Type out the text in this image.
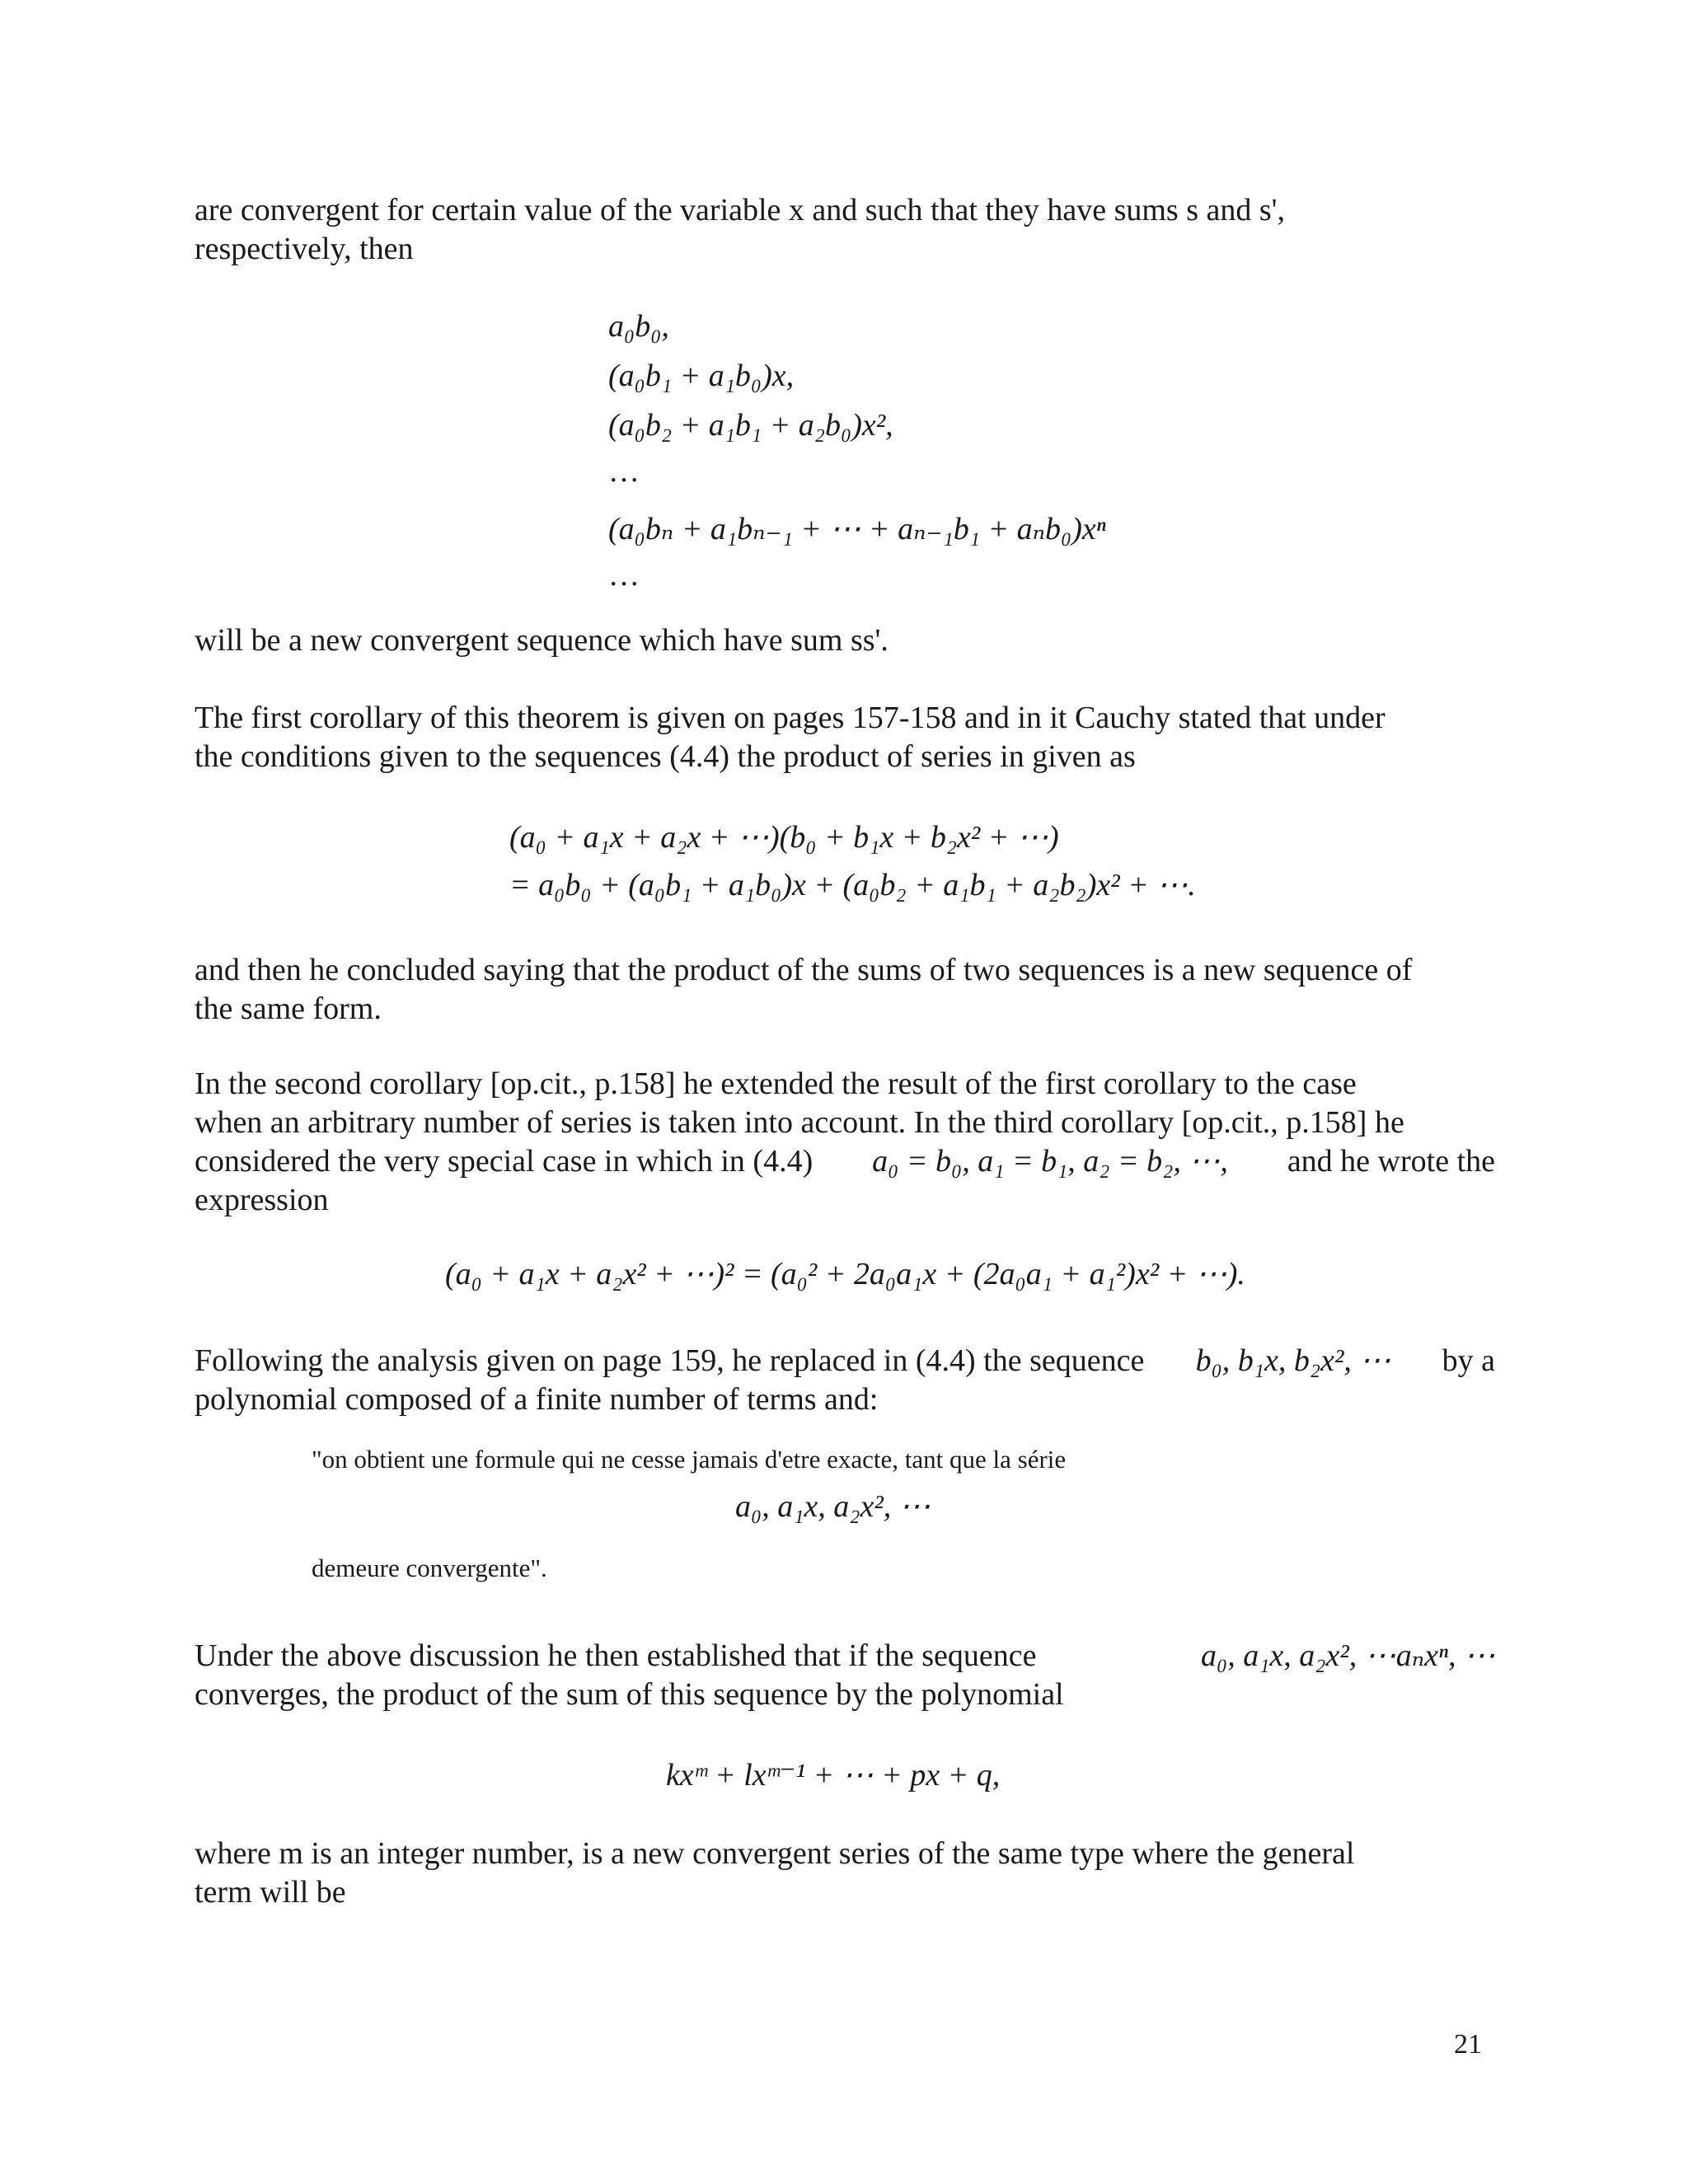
are convergent for certain value of the variable x and such that they have sums s and s',
respectively, then

a₀b₀,
(a₀b₁ + a₁b₀)x,
(a₀b₂ + a₁b₁ + a₂b₀)x²,
…
(a₀bₙ + a₁bₙ₋₁ + ⋯ + aₙ₋₁b₁ + aₙb₀)xⁿ
…

will be a new convergent sequence which have sum ss'.

The first corollary of this theorem is given on pages 157-158 and in it Cauchy stated that under
the conditions given to the sequences (4.4) the product of series in given as

(a₀ + a₁x + a₂x + ⋯)(b₀ + b₁x + b₂x² + ⋯)
= a₀b₀ + (a₀b₁ + a₁b₀)x + (a₀b₂ + a₁b₁ + a₂b₂)x² + ⋯.

and then he concluded saying that the product of the sums of two sequences is a new sequence of
the same form.

In the second corollary [op.cit., p.158] he extended the result of the first corollary to the case
when an arbitrary number of series is taken into account. In the third corollary [op.cit., p.158] he
considered the very special case in which in (4.4) a₀ = b₀, a₁ = b₁, a₂ = b₂, ⋯, and he wrote the
expression

(a₀ + a₁x + a₂x² + ⋯)² = (a₀² + 2a₀a₁x + (2a₀a₁ + a₁²)x² + ⋯).

Following the analysis given on page 159, he replaced in (4.4) the sequence b₀, b₁x, b₂x², ⋯ by a
polynomial composed of a finite number of terms and:

"on obtient une formule qui ne cesse jamais d'etre exacte, tant que la série

a₀, a₁x, a₂x², ⋯

demeure convergente".

Under the above discussion he then established that if the sequence	a₀, a₁x, a₂x², ⋯aₙxⁿ, ⋯
converges, the product of the sum of this sequence by the polynomial

kxᵐ + lxᵐ⁻¹ + ⋯ + px + q,

where m is an integer number, is a new convergent series of the same type where the general
term will be

21
